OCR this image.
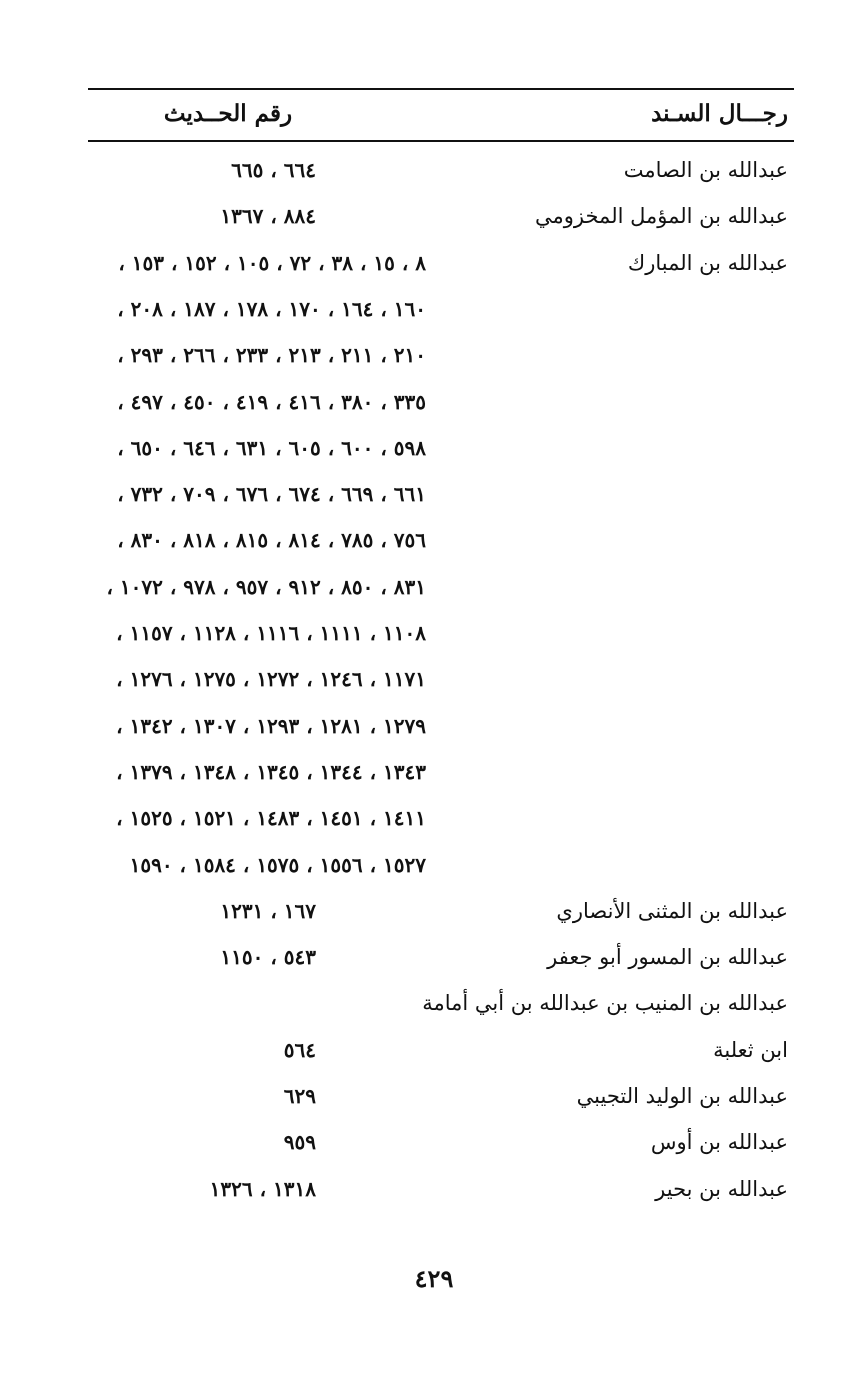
رجـــال السـند
رقم الحــديث
عبدالله بن الصامت
٦٦٤ ، ٦٦٥
عبدالله بن المؤمل المخزومي
٨٨٤ ، ١٣٦٧
عبدالله بن المبارك
٨ ، ١٥ ، ٣٨ ، ٧٢ ، ١٠٥ ، ١٥٢ ، ١٥٣ ،
١٦٠ ، ١٦٤ ، ١٧٠ ، ١٧٨ ، ١٨٧ ، ٢٠٨ ،
٢١٠ ، ٢١١ ، ٢١٣ ، ٢٣٣ ، ٢٦٦ ، ٢٩٣ ،
٣٣٥ ، ٣٨٠ ، ٤١٦ ، ٤١٩ ، ٤٥٠ ، ٤٩٧ ،
٥٩٨ ، ٦٠٠ ، ٦٠٥ ، ٦٣١ ، ٦٤٦ ، ٦٥٠ ،
٦٦١ ، ٦٦٩ ، ٦٧٤ ، ٦٧٦ ، ٧٠٩ ، ٧٣٢ ،
٧٥٦ ، ٧٨٥ ، ٨١٤ ، ٨١٥ ، ٨١٨ ، ٨٣٠ ،
٨٣١ ، ٨٥٠ ، ٩١٢ ، ٩٥٧ ، ٩٧٨ ، ١٠٧٢ ،
١١٠٨ ، ١١١١ ، ١١١٦ ، ١١٢٨ ، ١١٥٧ ،
١١٧١ ، ١٢٤٦ ، ١٢٧٢ ، ١٢٧٥ ، ١٢٧٦ ،
١٢٧٩ ، ١٢٨١ ، ١٢٩٣ ، ١٣٠٧ ، ١٣٤٢ ،
١٣٤٣ ، ١٣٤٤ ، ١٣٤٥ ، ١٣٤٨ ، ١٣٧٩ ،
١٤١١ ، ١٤٥١ ، ١٤٨٣ ، ١٥٢١ ، ١٥٢٥ ،
١٥٢٧ ، ١٥٥٦ ، ١٥٧٥ ، ١٥٨٤ ، ١٥٩٠
عبدالله بن المثنى الأنصاري
١٦٧ ، ١٢٣١
عبدالله بن المسور أبو جعفر
٥٤٣ ، ١١٥٠
عبدالله بن المنيب بن عبدالله بن أبي أمامة
ابن ثعلبة
٥٦٤
عبدالله بن الوليد التجيبي
٦٢٩
عبدالله بن أوس
٩٥٩
عبدالله بن بحير
١٣١٨ ، ١٣٢٦
٤٢٩
